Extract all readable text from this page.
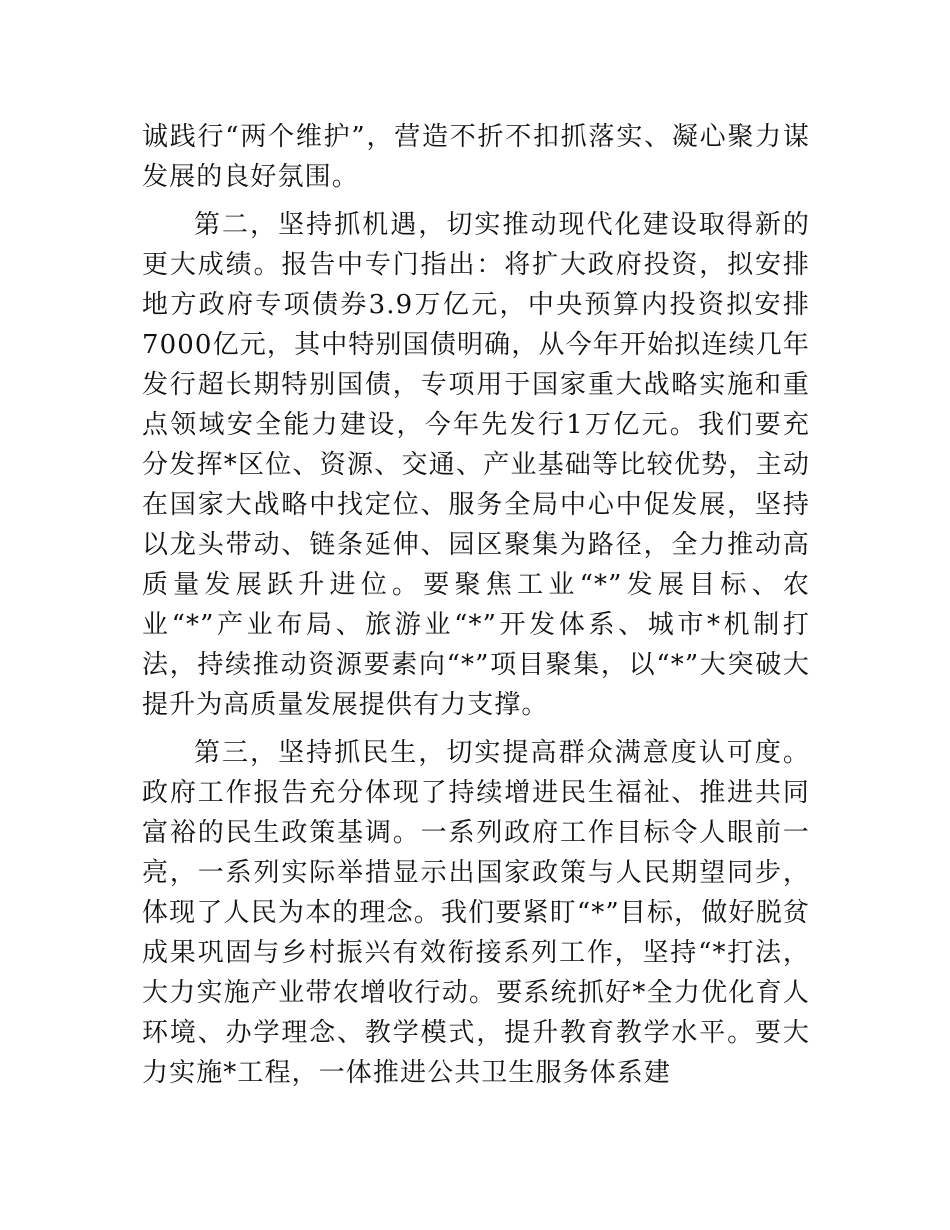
诚践行“两个维护”，营造不折不扣抓落实、凝心聚力谋发展的良好氛围。

第二，坚持抓机遇，切实推动现代化建设取得新的更大成绩。报告中专门指出：将扩大政府投资，拟安排地方政府专项债券3.9万亿元，中央预算内投资拟安排7000亿元，其中特别国债明确，从今年开始拟连续几年发行超长期特别国债，专项用于国家重大战略实施和重点领域安全能力建设，今年先发行1万亿元。我们要充分发挥*区位、资源、交通、产业基础等比较优势，主动在国家大战略中找定位、服务全局中心中促发展，坚持以龙头带动、链条延伸、园区聚集为路径，全力推动高质量发展跃升进位。要聚焦工业“*”发展目标、农业“*”产业布局、旅游业“*”开发体系、城市*机制打法，持续推动资源要素向“*”项目聚集，以“*”大突破大提升为高质量发展提供有力支撑。

第三，坚持抓民生，切实提高群众满意度认可度。政府工作报告充分体现了持续增进民生福祉、推进共同富裕的民生政策基调。一系列政府工作目标令人眼前一亮，一系列实际举措显示出国家政策与人民期望同步，体现了人民为本的理念。我们要紧盯“*”目标，做好脱贫成果巩固与乡村振兴有效衔接系列工作，坚持“*打法，大力实施产业带农增收行动。要系统抓好*全力优化育人环境、办学理念、教学模式，提升教育教学水平。要大力实施*工程，一体推进公共卫生服务体系建
